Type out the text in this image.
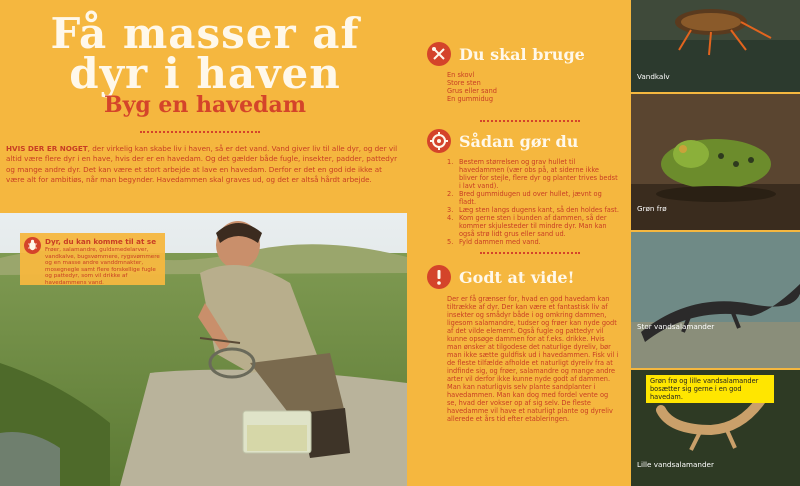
Få masser af
dyr i haven
Byg en havedam

HVIS DER ER NOGET, der virkelig kan skabe liv i haven, så er det vand. Vand giver liv til alle dyr, og der vil altid være flere dyr i en have, hvis der er en havedam. Og det gælder både fugle, insekter, padder, pattedyr og mange andre dyr. Det kan være et stort arbejde at lave en havedam. Derfor er det en god ide ikke at være alt for ambitiøs, når man begynder. Havedammen skal graves ud, og det er altså hårdt arbejde.

Dyr, du kan komme til at se
Frøer, salamandre, guldsmedelarver, vandkalve, bugsvømmere, rygsvømmere og en masse andre vanddmnakter, mosegnegle samt flere forskellige fugle og pattedyr, som vil drikke af havedammens vand.
Du skal bruge
En skovl
Store sten
Grus eller sand
En gummidug
Sådan gør du
1. Bestem størrelsen og grav hullet til havedammen (vær obs på, at siderne ikke bliver for stejle, flere dyr og planter trives bedst i lavt vand).
2. Bred gummidugen ud over hullet, jævnt og fladt.
3. Læg sten langs dugens kant, så den holdes fast.
4. Kom gerne sten i bunden af dammen, så der kommer skjulesteder til mindre dyr. Man kan også strø lidt grus eller sand ud.
5. Fyld dammen med vand.
Godt at vide!

Der er få grænser for, hvad en god havedam kan tiltrække af dyr. Der kan være et fantastisk liv af insekter og smådyr både i og omkring dammen, ligesom salamandre, tudser og frøer kan nyde godt af det vilde element. Også fugle og pattedyr vil kunne opsøge dammen for at f.eks. drikke. Hvis man ønsker at tilgodese det naturlige dyreliv, bør man ikke sætte guldfisk ud i havedammen. Fisk vil i de fleste tilfælde afholde et naturligt dyreliv fra at indfinde sig, og frøer, salamandre og mange andre arter vil derfor ikke kunne nyde godt af dammen. Man kan naturligvis selv plante sandplanter i havedammen. Man kan dog med fordel vente og se, hvad der vokser op af sig selv. De fleste havedamme vil have et naturligt plante og dyreliv allerede et års tid efter etableringen.

Vandkalv
Grøn frø
Stor vandsalamander
Lille vandsalamander
Grøn frø og lille vandsalamander bosætter sig gerne i en god havedam.
